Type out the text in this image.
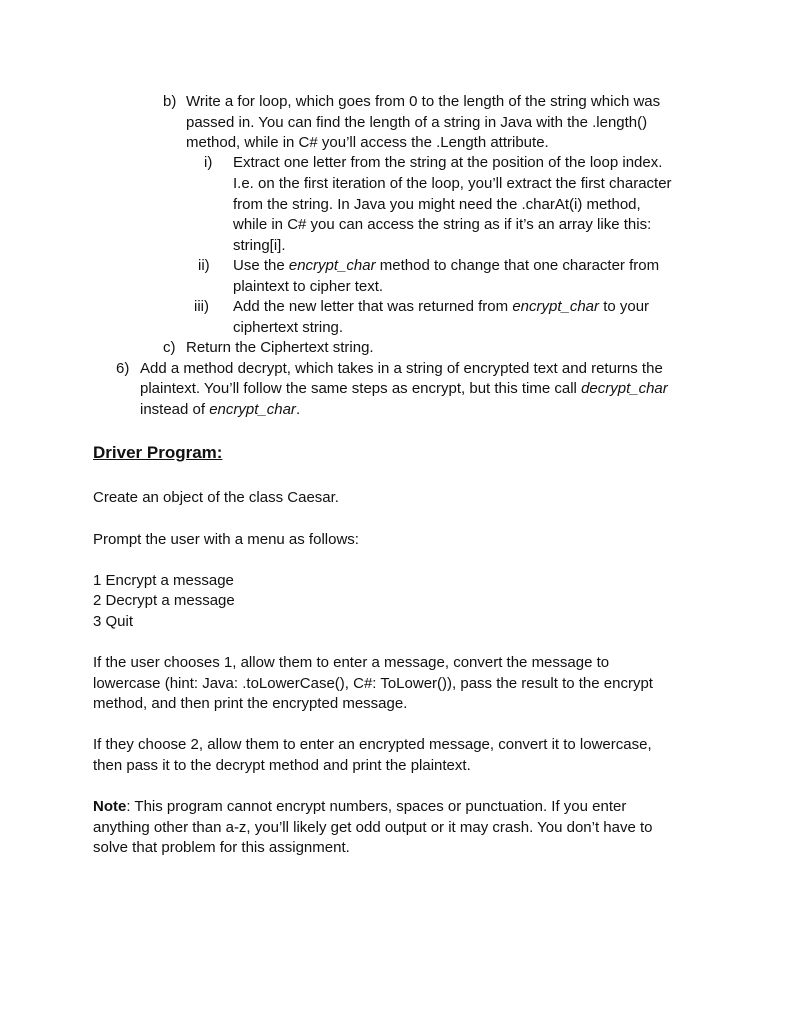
b) Write a for loop, which goes from 0 to the length of the string which was
passed in. You can find the length of a string in Java with the .length()
method, while in C# you’ll access the .Length attribute.
i) Extract one letter from the string at the position of the loop index.
I.e. on the first iteration of the loop, you’ll extract the first character
from the string. In Java you might need the .charAt(i) method,
while in C# you can access the string as if it’s an array like this:
string[i].
ii) Use the encrypt_char method to change that one character from
plaintext to cipher text.
iii) Add the new letter that was returned from encrypt_char to your
ciphertext string.
c) Return the Ciphertext string.
6) Add a method decrypt, which takes in a string of encrypted text and returns the
plaintext. You’ll follow the same steps as encrypt, but this time call decrypt_char
instead of encrypt_char.
Driver Program:
Create an object of the class Caesar.
Prompt the user with a menu as follows:
1 Encrypt a message
2 Decrypt a message
3 Quit
If the user chooses 1, allow them to enter a message, convert the message to
lowercase (hint: Java: .toLowerCase(), C#: ToLower()), pass the result to the encrypt
method, and then print the encrypted message.
If they choose 2, allow them to enter an encrypted message, convert it to lowercase,
then pass it to the decrypt method and print the plaintext.
Note: This program cannot encrypt numbers, spaces or punctuation. If you enter
anything other than a-z, you’ll likely get odd output or it may crash. You don’t have to
solve that problem for this assignment.
